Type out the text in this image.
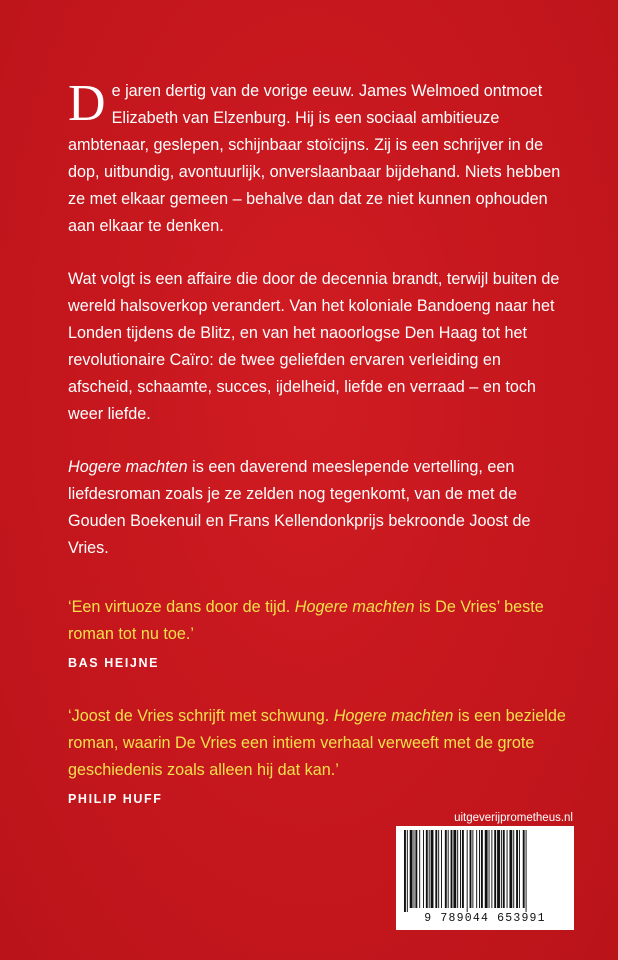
De jaren dertig van de vorige eeuw. James Welmoed ontmoet Elizabeth van Elzenburg. Hij is een sociaal ambitieuze ambtenaar, geslepen, schijnbaar stoïcijns. Zij is een schrijver in de dop, uitbundig, avontuurlijk, onverslaanbaar bijdehand. Niets hebben ze met elkaar gemeen – behalve dan dat ze niet kunnen ophouden aan elkaar te denken.

Wat volgt is een affaire die door de decennia brandt, terwijl buiten de wereld halsoverkop verandert. Van het koloniale Bandoeng naar het Londen tijdens de Blitz, en van het naoorlogse Den Haag tot het revolutionaire Caïro: de twee geliefden ervaren verleiding en afscheid, schaamte, succes, ijdelheid, liefde en verraad – en toch weer liefde.

Hogere machten is een daverend meeslepende vertelling, een liefdesroman zoals je ze zelden nog tegenkomt, van de met de Gouden Boekenuil en Frans Kellendonkprijs bekroonde Joost de Vries.

‘Een virtuoze dans door de tijd. Hogere machten is De Vries’ beste roman tot nu toe.’

BAS HEIJNE

‘Joost de Vries schrijft met schwung. Hogere machten is een bezielde roman, waarin De Vries een intiem verhaal verweeft met de grote geschiedenis zoals alleen hij dat kan.’

PHILIP HUFF

uitgeverijprometheus.nl
9 789044 653991
